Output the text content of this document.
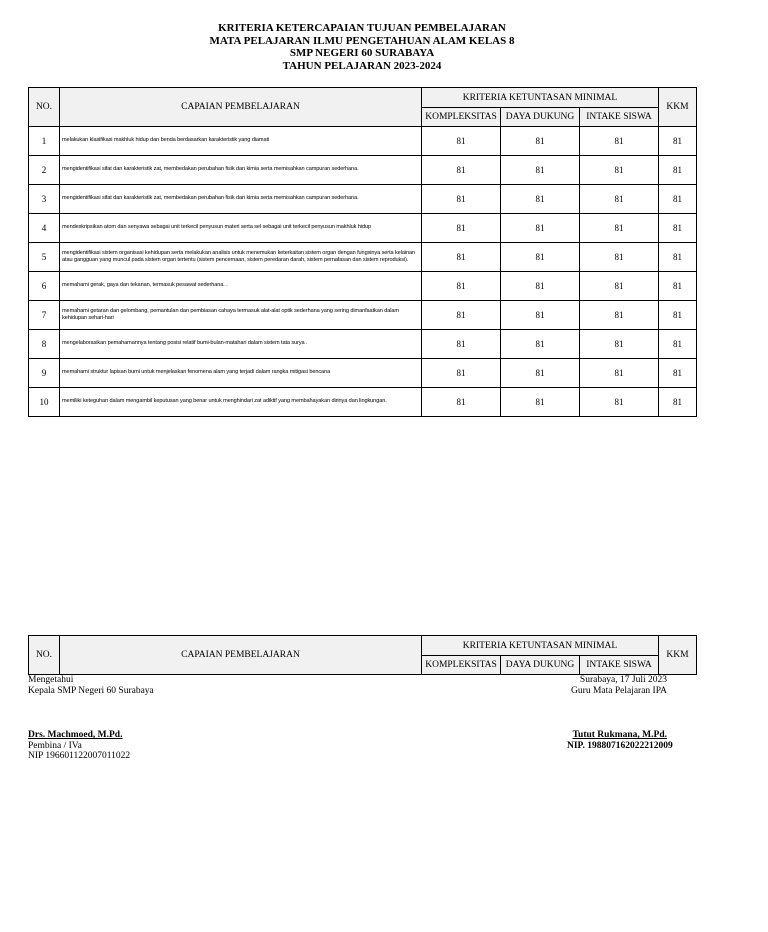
KRITERIA KETERCAPAIAN TUJUAN PEMBELAJARAN
MATA PELAJARAN ILMU PENGETAHUAN ALAM KELAS 8
SMP NEGERI 60 SURABAYA
TAHUN PELAJARAN 2023-2024
NO.	CAPAIAN PEMBELAJARAN	KRITERIA KETUNTASAN MINIMAL			KKM
		KOMPLEKSITAS	DAYA DUKUNG	INTAKE SISWA	
1	melakukan klasifikasi makhluk hidup dan benda berdasarkan karakteristik yang diamati	81	81	81	81
2	mengidentifikasi sifat dan karakteristik zat, membedakan perubahan fisik dan kimia serta memisahkan campuran sederhana.	81	81	81	81
3	mengidentifikasi sifat dan karakteristik zat, membedakan perubahan fisik dan kimia serta memisahkan campuran sederhana.	81	81	81	81
4	mendeskripsikan atom dan senyawa sebagai unit terkecil penyusun materi serta sel sebagai unit terkecil penyusun makhluk hidup	81	81	81	81
5	mengidentifikasi sistem organisasi kehidupan serta melakukan analisis untuk menemukan keterkaitan sistem organ dengan fungsinya serta kelainan atau gangguan yang muncul pada sistem organ tertentu (sistem pencernaan, sistem peredaran darah, sistem pernafasan dan sistem reproduksi).	81	81	81	81
6	memahami gerak, gaya dan tekanan, termasuk pesawat sederhana. .	81	81	81	81
7	memahami getaran dan gelombang, pemantulan dan pembiasan cahaya termasuk alat-alat optik sederhana yang sering dimanfaatkan dalam kehidupan sehari-hari	81	81	81	81
8	mengelaborasikan pemahamannya tentang posisi relatif bumi-bulan-matahari dalam sistem tata surya .	81	81	81	81
9	memahami struktur lapisan bumi untuk menjelaskan fenomena alam yang terjadi dalam rangka mitigasi bencana	81	81	81	81
10	memiliki keteguhan dalam mengambil keputusan yang benar untuk menghindari zat adiktif yang membahayakan dirinya dan lingkungan.	81	81	81	81
NO.	CAPAIAN PEMBELAJARAN	KRITERIA KETUNTASAN MINIMAL			KKM
		KOMPLEKSITAS	DAYA DUKUNG	INTAKE SISWA	
Mengetahui
Kepala SMP Negeri 60 Surabaya
Drs. Machmoed, M.Pd.
Pembina / IVa
NIP 196601122007011022
Surabaya, 17 Juli 2023
Guru Mata Pelajaran IPA
Tutut Rukmana, M.Pd.
NIP. 198807162022212009
